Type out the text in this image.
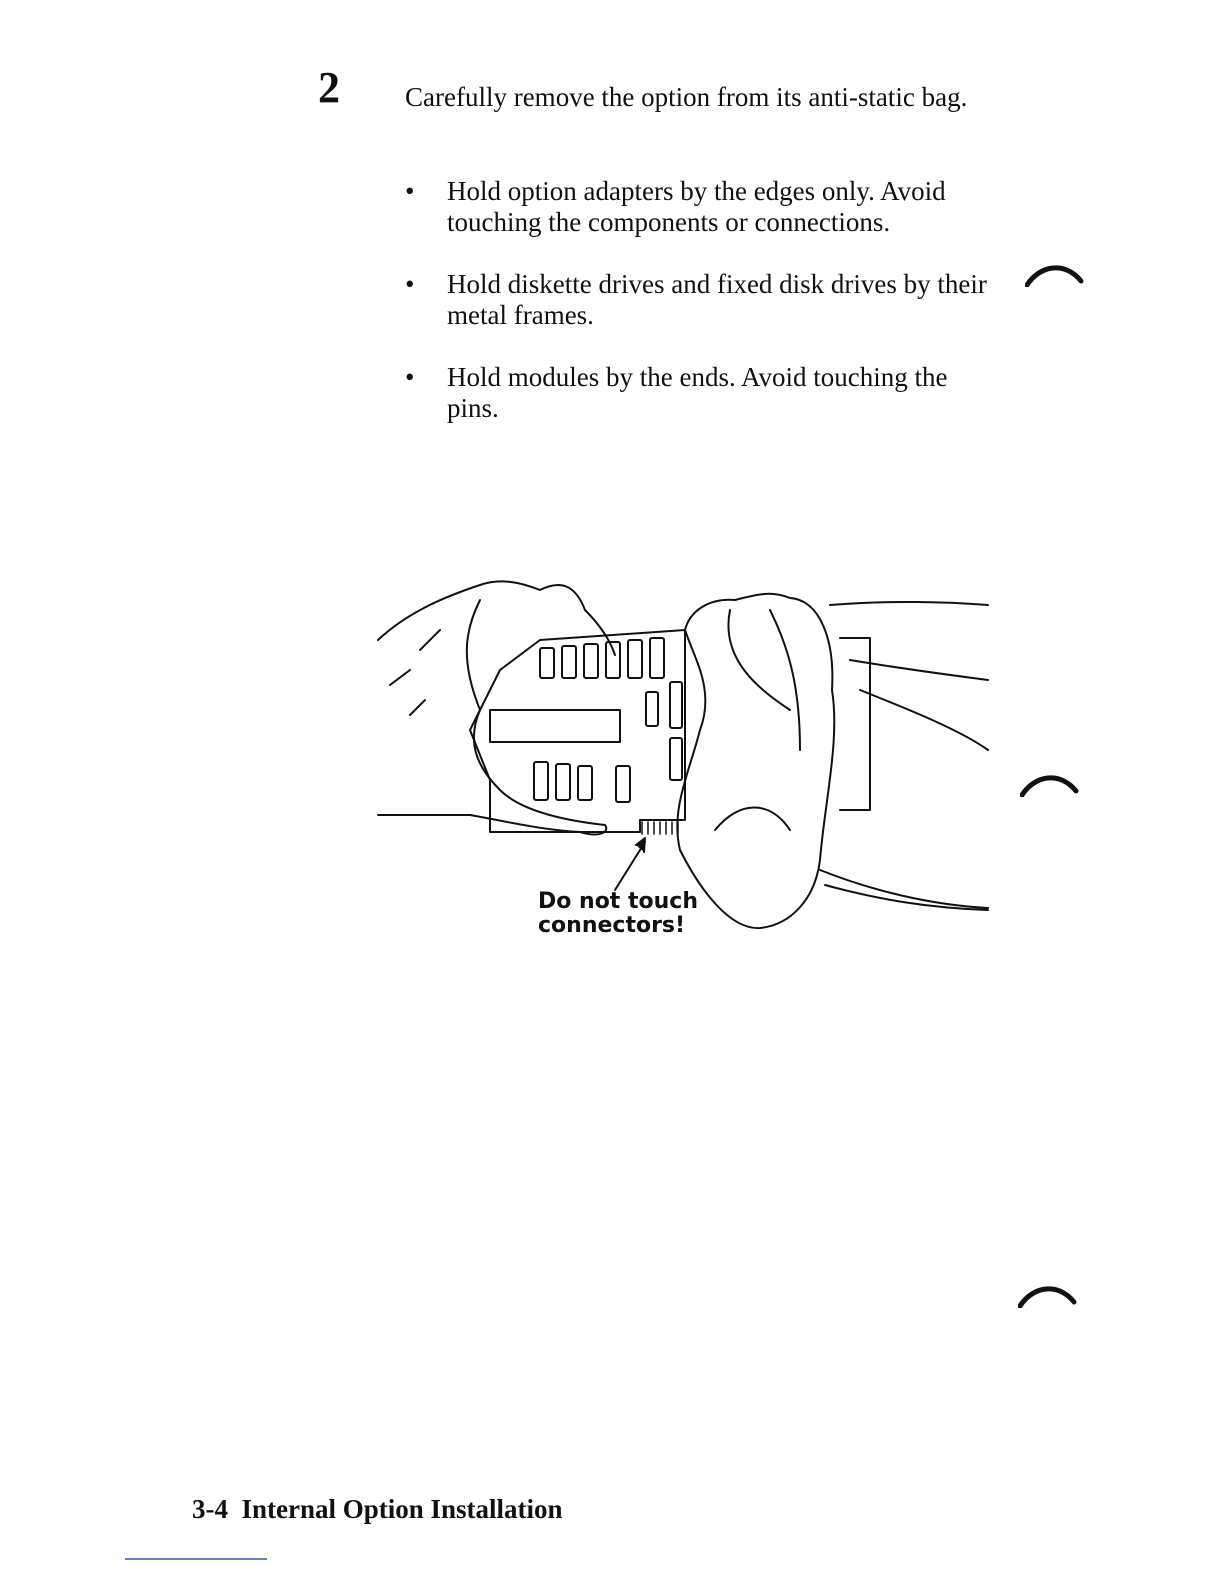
2 Carefully remove the option from its anti-static bag.
• Hold option adapters by the edges only. Avoid touching the components or connections.
• Hold diskette drives and fixed disk drives by their metal frames.
• Hold modules by the ends. Avoid touching the pins.
Do not touch
connectors!
3-4 Internal Option Installation
